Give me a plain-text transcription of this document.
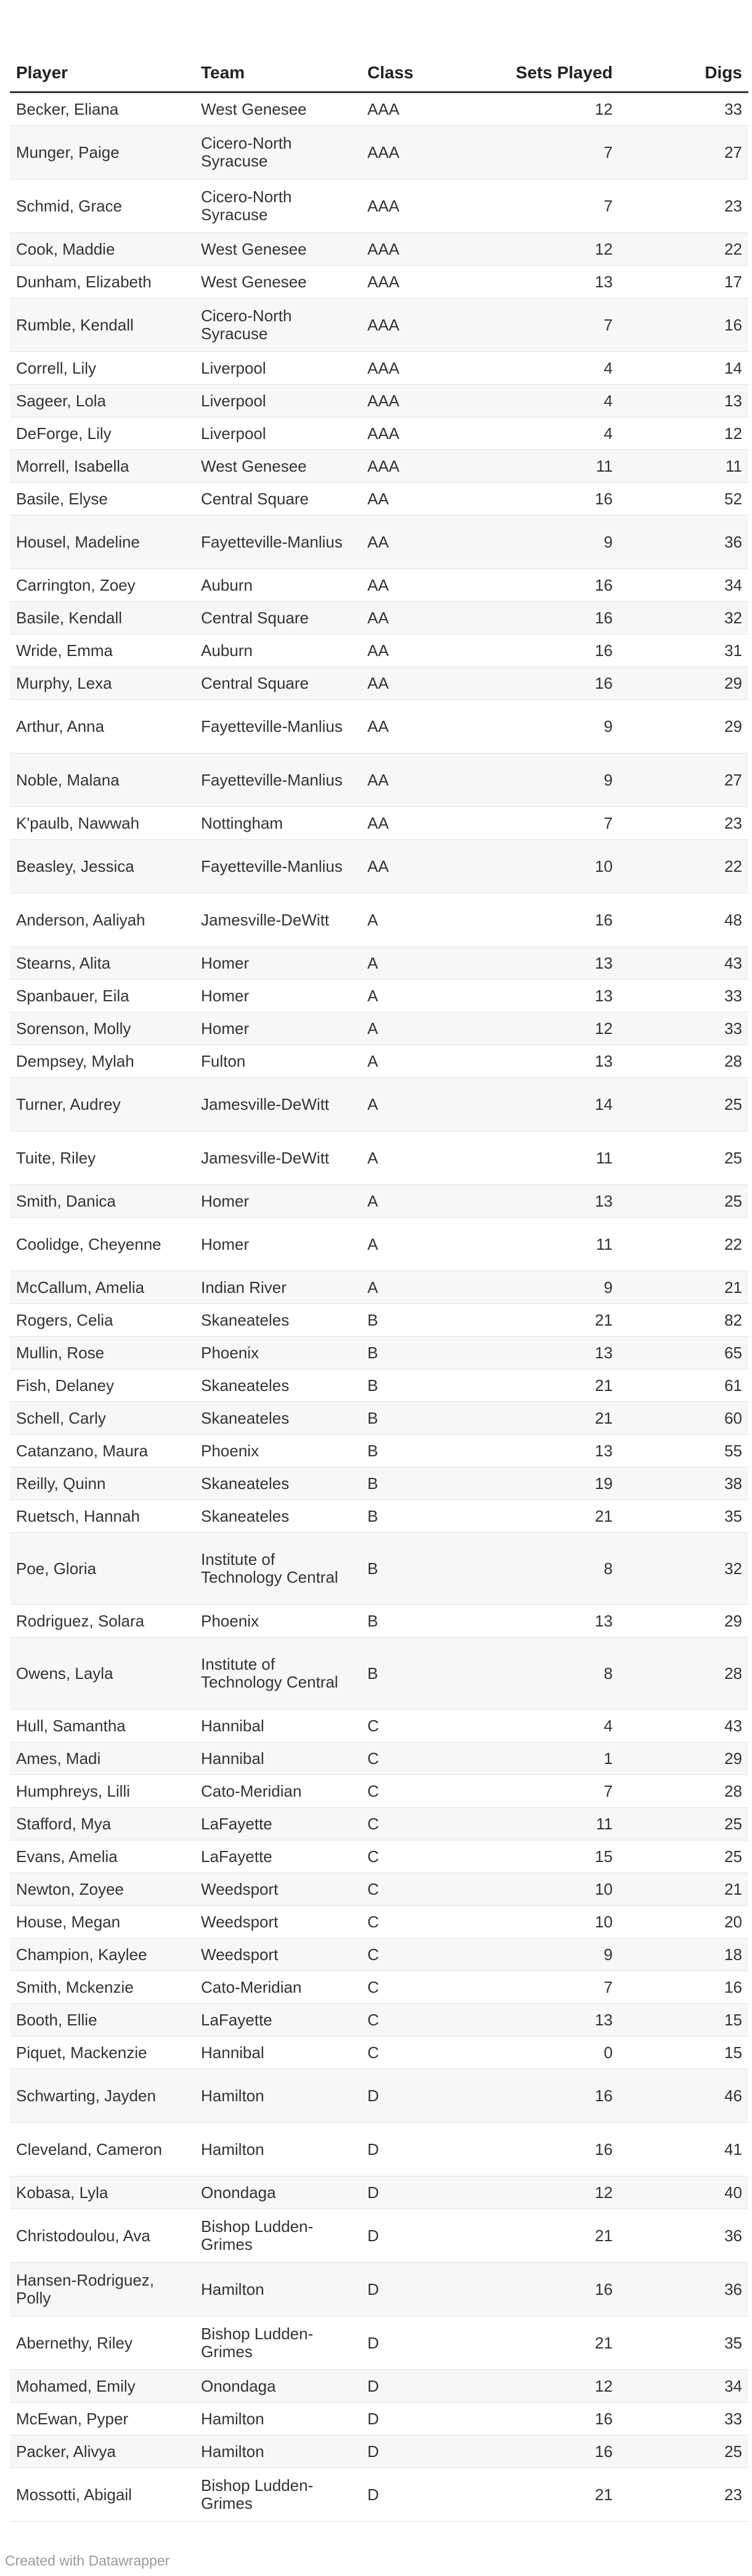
Player	Team	Class	Sets Played	Digs
Becker, Eliana	West Genesee	AAA	12	33
Munger, Paige	Cicero-North Syracuse	AAA	7	27
Schmid, Grace	Cicero-North Syracuse	AAA	7	23
Cook, Maddie	West Genesee	AAA	12	22
Dunham, Elizabeth	West Genesee	AAA	13	17
Rumble, Kendall	Cicero-North Syracuse	AAA	7	16
Correll, Lily	Liverpool	AAA	4	14
Sageer, Lola	Liverpool	AAA	4	13
DeForge, Lily	Liverpool	AAA	4	12
Morrell, Isabella	West Genesee	AAA	11	11
Basile, Elyse	Central Square	AA	16	52
Housel, Madeline	Fayetteville-Manlius	AA	9	36
Carrington, Zoey	Auburn	AA	16	34
Basile, Kendall	Central Square	AA	16	32
Wride, Emma	Auburn	AA	16	31
Murphy, Lexa	Central Square	AA	16	29
Arthur, Anna	Fayetteville-Manlius	AA	9	29
Noble, Malana	Fayetteville-Manlius	AA	9	27
K'paulb, Nawwah	Nottingham	AA	7	23
Beasley, Jessica	Fayetteville-Manlius	AA	10	22
Anderson, Aaliyah	Jamesville-DeWitt	A	16	48
Stearns, Alita	Homer	A	13	43
Spanbauer, Eila	Homer	A	13	33
Sorenson, Molly	Homer	A	12	33
Dempsey, Mylah	Fulton	A	13	28
Turner, Audrey	Jamesville-DeWitt	A	14	25
Tuite, Riley	Jamesville-DeWitt	A	11	25
Smith, Danica	Homer	A	13	25
Coolidge, Cheyenne	Homer	A	11	22
McCallum, Amelia	Indian River	A	9	21
Rogers, Celia	Skaneateles	B	21	82
Mullin, Rose	Phoenix	B	13	65
Fish, Delaney	Skaneateles	B	21	61
Schell, Carly	Skaneateles	B	21	60
Catanzano, Maura	Phoenix	B	13	55
Reilly, Quinn	Skaneateles	B	19	38
Ruetsch, Hannah	Skaneateles	B	21	35
Poe, Gloria	Institute of Technology Central	B	8	32
Rodriguez, Solara	Phoenix	B	13	29
Owens, Layla	Institute of Technology Central	B	8	28
Hull, Samantha	Hannibal	C	4	43
Ames, Madi	Hannibal	C	1	29
Humphreys, Lilli	Cato-Meridian	C	7	28
Stafford, Mya	LaFayette	C	11	25
Evans, Amelia	LaFayette	C	15	25
Newton, Zoyee	Weedsport	C	10	21
House, Megan	Weedsport	C	10	20
Champion, Kaylee	Weedsport	C	9	18
Smith, Mckenzie	Cato-Meridian	C	7	16
Booth, Ellie	LaFayette	C	13	15
Piquet, Mackenzie	Hannibal	C	0	15
Schwarting, Jayden	Hamilton	D	16	46
Cleveland, Cameron	Hamilton	D	16	41
Kobasa, Lyla	Onondaga	D	12	40
Christodoulou, Ava	Bishop Ludden-Grimes	D	21	36
Hansen-Rodriguez, Polly	Hamilton	D	16	36
Abernethy, Riley	Bishop Ludden-Grimes	D	21	35
Mohamed, Emily	Onondaga	D	12	34
McEwan, Pyper	Hamilton	D	16	33
Packer, Alivya	Hamilton	D	16	25
Mossotti, Abigail	Bishop Ludden-Grimes	D	21	23
Created with Datawrapper
